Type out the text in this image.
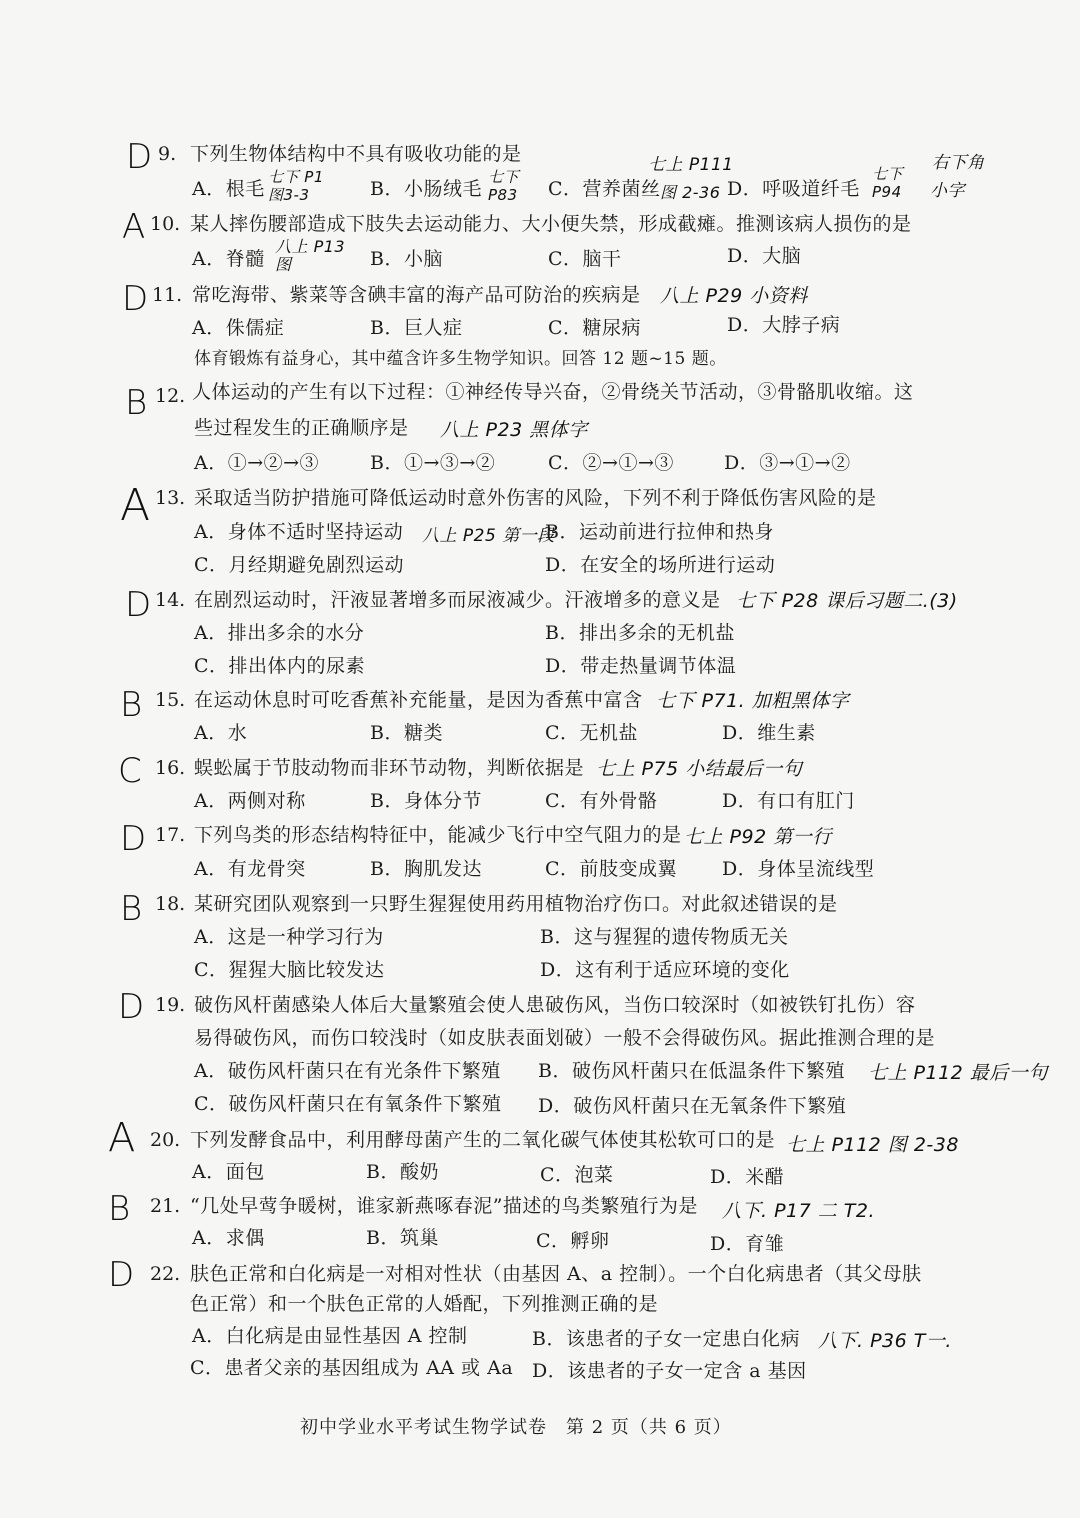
D 9. 下列生物体结构中不具有吸收功能的是
A．根毛	B．小肠绒毛	C．营养菌丝	D．呼吸道纤毛
七下 P1 图3-3
七下 P83
七上 P111
图 2-36
七下 P94
右下角
小字
A 10. 某人摔伤腰部造成下肢失去运动能力、大小便失禁，形成截瘫。推测该病人损伤的是
A．脊髓	B．小脑	C．脑干	D．大脑
八上 P13 图
D 11. 常吃海带、紫菜等含碘丰富的海产品可防治的疾病是 八上 P29 小资料
A．侏儒症	B．巨人症	C．糖尿病	D．大脖子病
体育锻炼有益身心，其中蕴含许多生物学知识。回答 12 题~15 题。
B 12. 人体运动的产生有以下过程：①神经传导兴奋，②骨绕关节活动，③骨骼肌收缩。这
些过程发生的正确顺序是 八上 P23 黑体字
A．①→②→③	B．①→③→②	C．②→①→③	D．③→①→②
A 13. 采取适当防护措施可降低运动时意外伤害的风险，下列不利于降低伤害风险的是
A．身体不适时坚持运动 八上 P25 第一段
B．运动前进行拉伸和热身
C．月经期避免剧烈运动	D．在安全的场所进行运动
D 14. 在剧烈运动时，汗液显著增多而尿液减少。汗液增多的意义是 七下 P28 课后习题二.(3)
A．排出多余的水分	B．排出多余的无机盐
C．排出体内的尿素	D．带走热量调节体温
B 15. 在运动休息时可吃香蕉补充能量，是因为香蕉中富含 七下 P71. 加粗黑体字
A．水	B．糖类	C．无机盐	D．维生素
C 16. 蜈蚣属于节肢动物而非环节动物，判断依据是 七上 P75 小结最后一句
A．两侧对称	B．身体分节	C．有外骨骼	D．有口有肛门
D 17. 下列鸟类的形态结构特征中，能减少飞行中空气阻力的是 七上 P92 第一行
A．有龙骨突	B．胸肌发达	C．前肢变成翼 D．身体呈流线型
B 18. 某研究团队观察到一只野生猩猩使用药用植物治疗伤口。对此叙述错误的是
A．这是一种学习行为	B．这与猩猩的遗传物质无关
C．猩猩大脑比较发达	D．这有利于适应环境的变化
D 19. 破伤风杆菌感染人体后大量繁殖会使人患破伤风，当伤口较深时（如被铁钉扎伤）容
易得破伤风，而伤口较浅时（如皮肤表面划破）一般不会得破伤风。据此推测合理的是
A．破伤风杆菌只在有光条件下繁殖 B．破伤风杆菌只在低温条件下繁殖 七上 P112 最后一句
C．破伤风杆菌只在有氧条件下繁殖 D．破伤风杆菌只在无氧条件下繁殖
A 20. 下列发酵食品中，利用酵母菌产生的二氧化碳气体使其松软可口的是 七上 P112 图 2-38
A．面包	B．酸奶	C．泡菜	D．米醋
B 21. “几处早莺争暖树，谁家新燕啄春泥”描述的鸟类繁殖行为是 八下. P17 二 T2.
A．求偶	B．筑巢	C．孵卵	D．育雏
D 22. 肤色正常和白化病是一对相对性状（由基因 A、a 控制）。一个白化病患者（其父母肤
色正常）和一个肤色正常的人婚配，下列推测正确的是
A．白化病是由显性基因 A 控制	B．该患者的子女一定患白化病 八下. P36 T一.
C．患者父亲的基因组成为 AA 或 Aa D．该患者的子女一定含 a 基因
初中学业水平考试生物学试卷　第 2 页（共 6 页）
